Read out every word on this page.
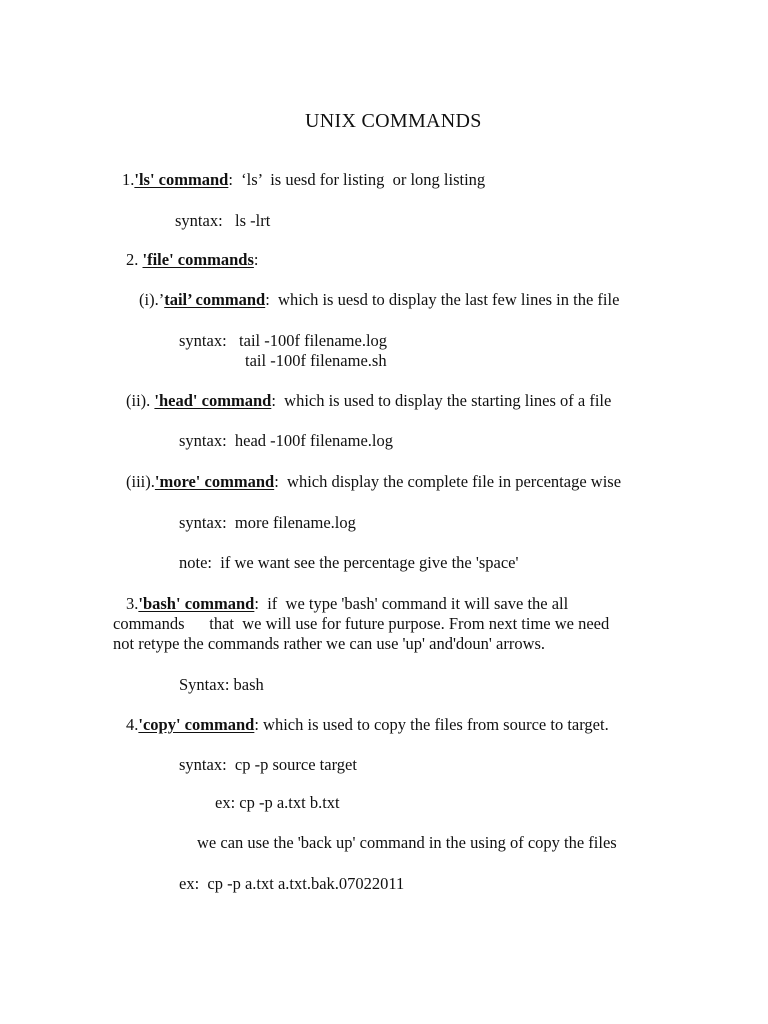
UNIX COMMANDS
1.'ls' command:  ‘ls’  is uesd for listing  or long listing
syntax:   ls -lrt
2. 'file' commands:
(i).’tail’ command:  which is uesd to display the last few lines in the file
syntax:   tail -100f filename.log
tail -100f filename.sh
(ii). 'head' command:  which is used to display the starting lines of a file
syntax:  head -100f filename.log
(iii).'more' command:  which display the complete file in percentage wise
syntax:  more filename.log
note:  if we want see the percentage give the 'space'
3.'bash' command:  if  we type 'bash' command it will save the all
commands      that  we will use for future purpose. From next time we need
not retype the commands rather we can use 'up' and'doun' arrows.
Syntax: bash
4.'copy' command: which is used to copy the files from source to target.
syntax:  cp -p source target
ex: cp -p a.txt b.txt
we can use the 'back up' command in the using of copy the files
ex:  cp -p a.txt a.txt.bak.07022011
